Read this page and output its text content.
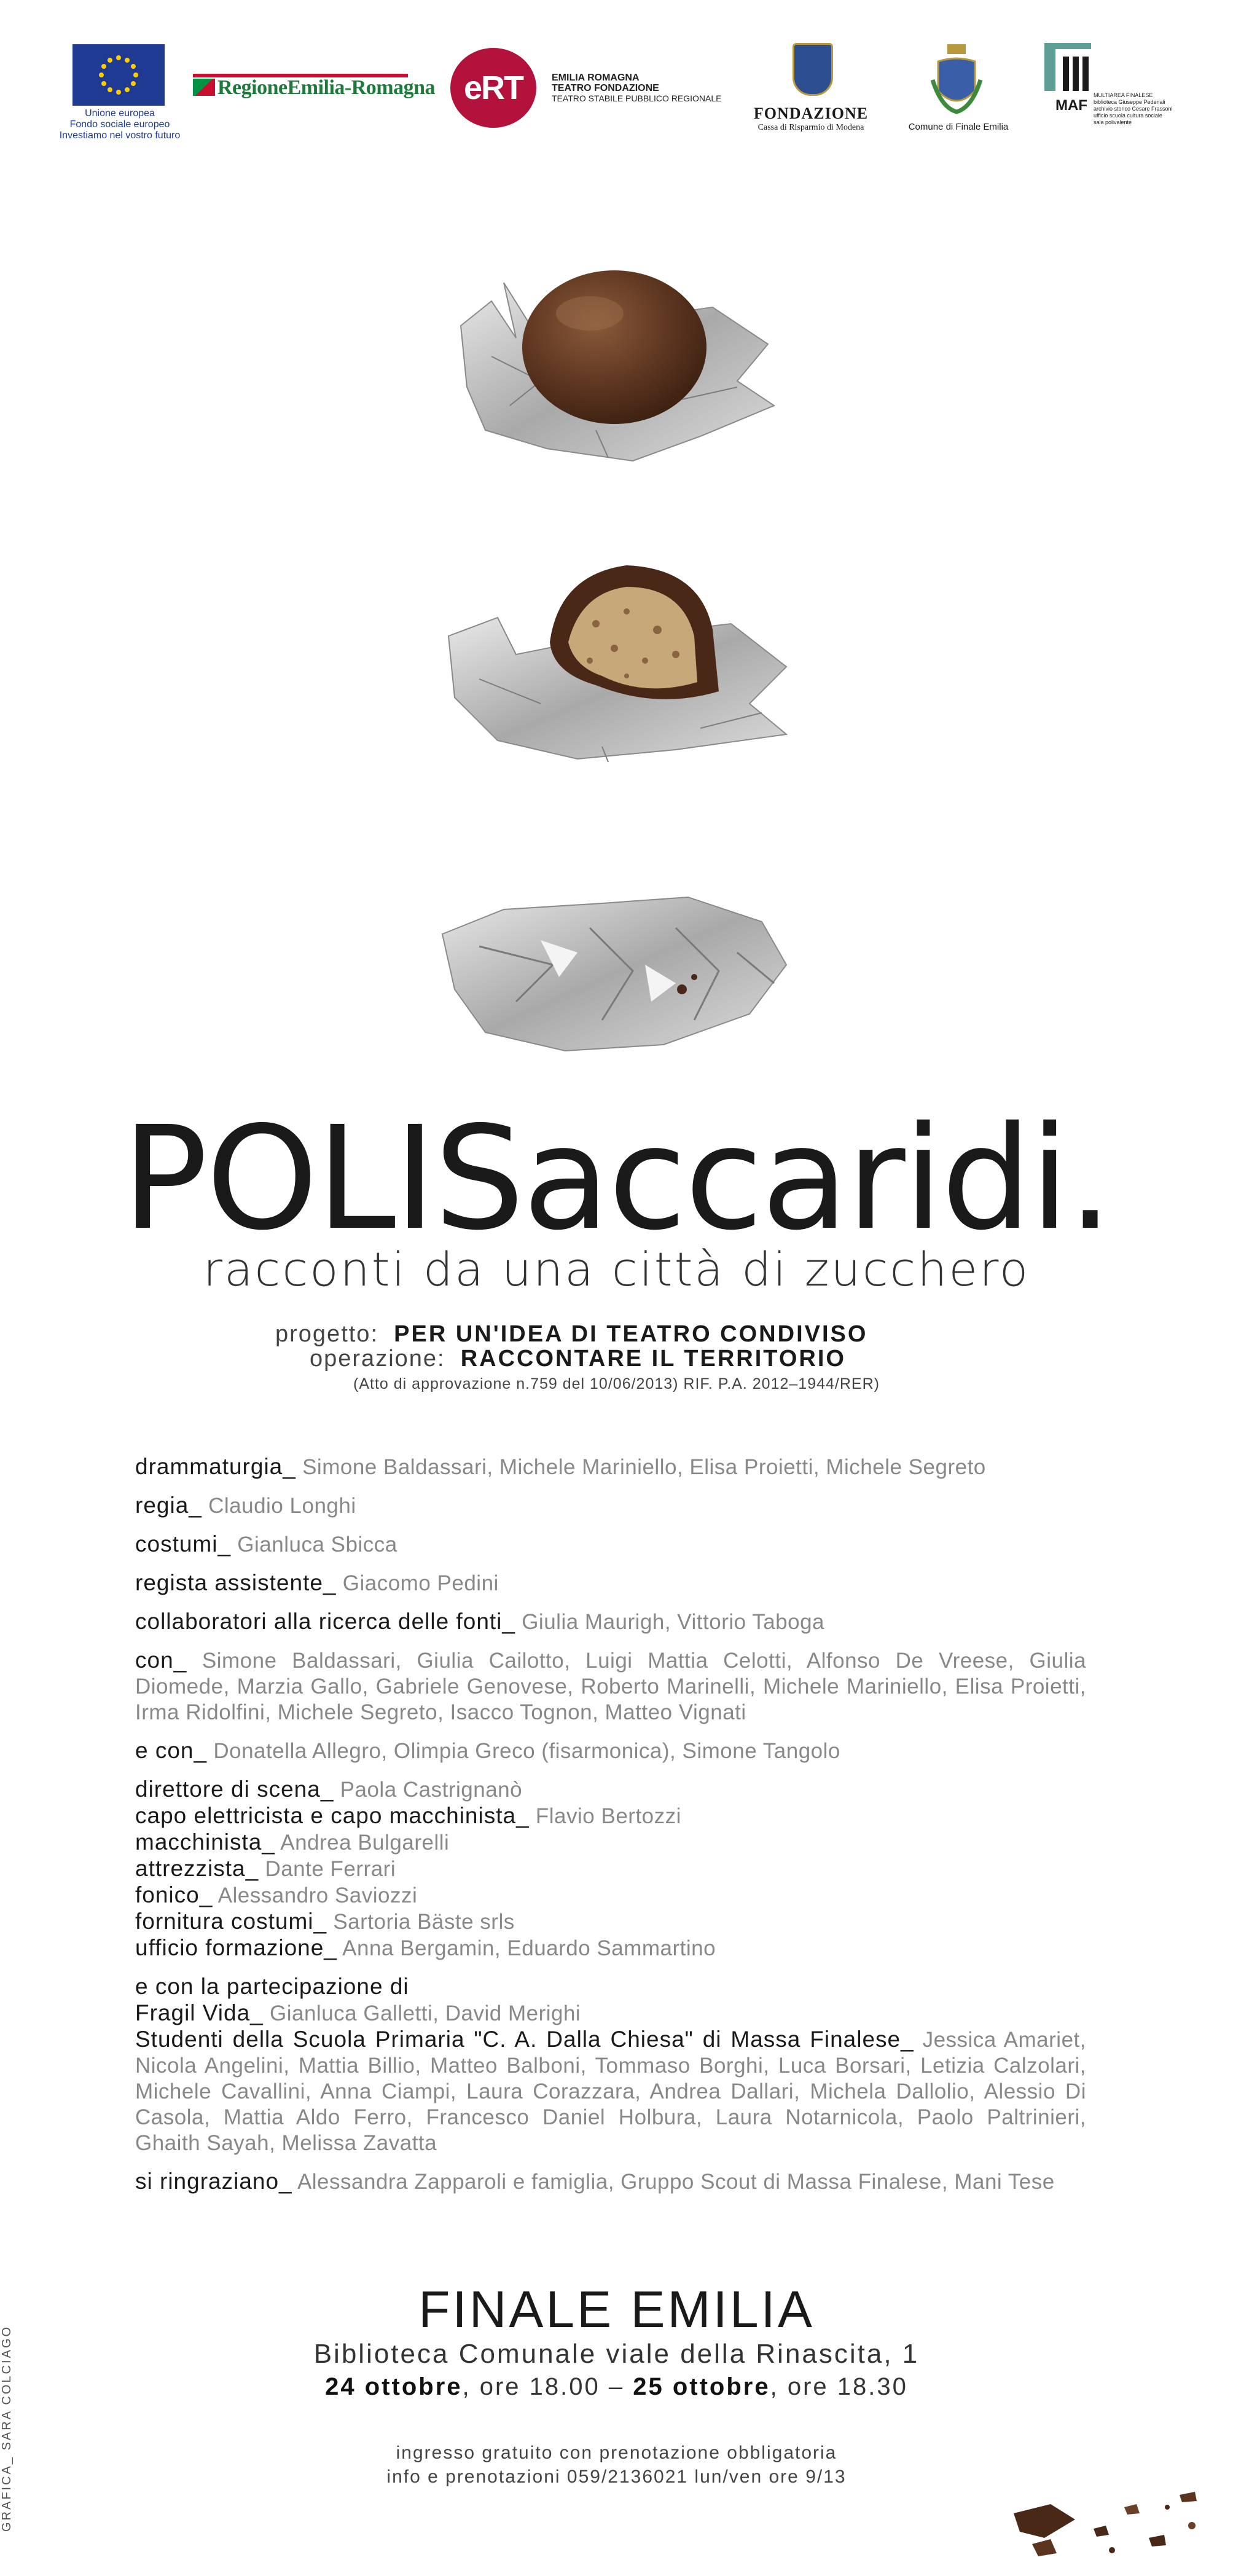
Unione europea
Fondo sociale europeo
Investiamo nel vostro futuro
RegioneEmilia-Romagna eRT	EMILIA ROMAGNA
TEATRO FONDAZIONE
TEATRO STABILE PUBBLICO REGIONALE
FONDAZIONE
Cassa di Risparmio di Modena	Comune di Finale Emilia
MAF
MULTIAREA FINALESE
biblioteca Giuseppe Pederiali
archivio storico Cesare Frassoni
ufficio scuola cultura sociale
sala polivalente
POLISaccaridi.
racconti da una città di zucchero
progetto: PER UN'IDEA DI TEATRO CONDIVISO
operazione: RACCONTARE IL TERRITORIO
(Atto di approvazione n.759 del 10/06/2013) RIF. P.A. 2012–1944/RER)

drammaturgia_ Simone Baldassari, Michele Mariniello, Elisa Proietti, Michele Segreto

regia_ Claudio Longhi

costumi_ Gianluca Sbicca

regista assistente_ Giacomo Pedini

collaboratori alla ricerca delle fonti_ Giulia Maurigh, Vittorio Taboga

con_ Simone Baldassari, Giulia Cailotto, Luigi Mattia Celotti, Alfonso De Vreese, Giulia Diomede, Marzia Gallo, Gabriele Genovese, Roberto Marinelli, Michele Mariniello, Elisa Proietti, Irma Ridolfini, Michele Segreto, Isacco Tognon, Matteo Vignati

e con_ Donatella Allegro, Olimpia Greco (fisarmonica), Simone Tangolo

direttore di scena_ Paola Castrignanò

capo elettricista e capo macchinista_ Flavio Bertozzi

macchinista_ Andrea Bulgarelli

attrezzista_ Dante Ferrari

fonico_ Alessandro Saviozzi

fornitura costumi_ Sartoria Bäste srls

ufficio formazione_ Anna Bergamin, Eduardo Sammartino

e con la partecipazione di

Fragil Vida_ Gianluca Galletti, David Merighi

Studenti della Scuola Primaria "C. A. Dalla Chiesa" di Massa Finalese_ Jessica Amariet, Nicola Angelini, Mattia Billio, Matteo Balboni, Tommaso Borghi, Luca Borsari, Letizia Calzolari, Michele Cavallini, Anna Ciampi, Laura Corazzara, Andrea Dallari, Michela Dallolio, Alessio Di Casola, Mattia Aldo Ferro, Francesco Daniel Holbura, Laura Notarnicola, Paolo Paltrinieri, Ghaith Sayah, Melissa Zavatta

si ringraziano_ Alessandra Zapparoli e famiglia, Gruppo Scout di Massa Finalese, Mani Tese

FINALE EMILIA
Biblioteca Comunale viale della Rinascita, 1
24 ottobre, ore 18.00 – 25 ottobre, ore 18.30
ingresso gratuito con prenotazione obbligatoria
info e prenotazioni 059/2136021 lun/ven ore 9/13
GRAFICA_ SARA COLCIAGO
